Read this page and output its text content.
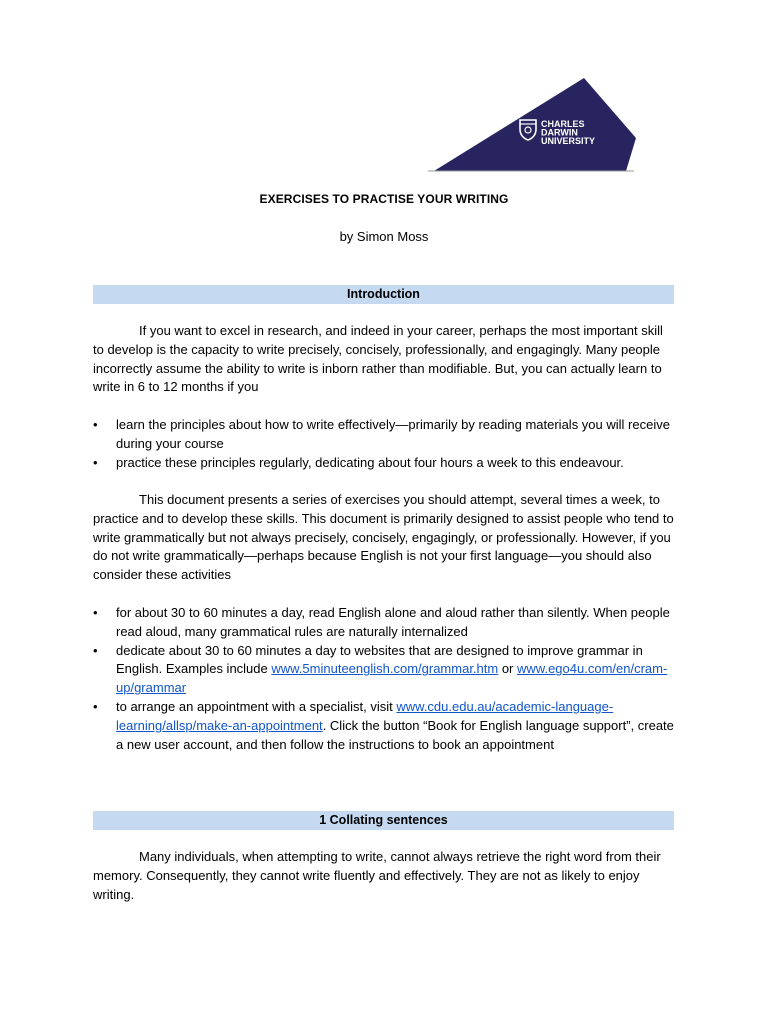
CHARLES
DARWIN
UNIVERSITY
EXERCISES TO PRACTISE YOUR WRITING
by Simon Moss
Introduction

If you want to excel in research, and indeed in your career, perhaps the most important skill to develop is the capacity to write precisely, concisely, professionally, and engagingly. Many people incorrectly assume the ability to write is inborn rather than modifiable. But, you can actually learn to write in 6 to 12 months if you

•	learn the principles about how to write effectively—primarily by reading materials you will receive during your course
•	practice these principles regularly, dedicating about four hours a week to this endeavour.

This document presents a series of exercises you should attempt, several times a week, to practice and to develop these skills. This document is primarily designed to assist people who tend to write grammatically but not always precisely, concisely, engagingly, or professionally. However, if you do not write grammatically—perhaps because English is not your first language—you should also consider these activities

•	for about 30 to 60 minutes a day, read English alone and aloud rather than silently. When people read aloud, many grammatical rules are naturally internalized
•	dedicate about 30 to 60 minutes a day to websites that are designed to improve grammar in English. Examples include www.5minuteenglish.com/grammar.htm or www.ego4u.com/en/cram-up/grammar
•	to arrange an appointment with a specialist, visit www.cdu.edu.au/academic-language-learning/allsp/make-an-appointment. Click the button “Book for English language support”, create a new user account, and then follow the instructions to book an appointment
1 Collating sentences

Many individuals, when attempting to write, cannot always retrieve the right word from their memory. Consequently, they cannot write fluently and effectively. They are not as likely to enjoy writing.
